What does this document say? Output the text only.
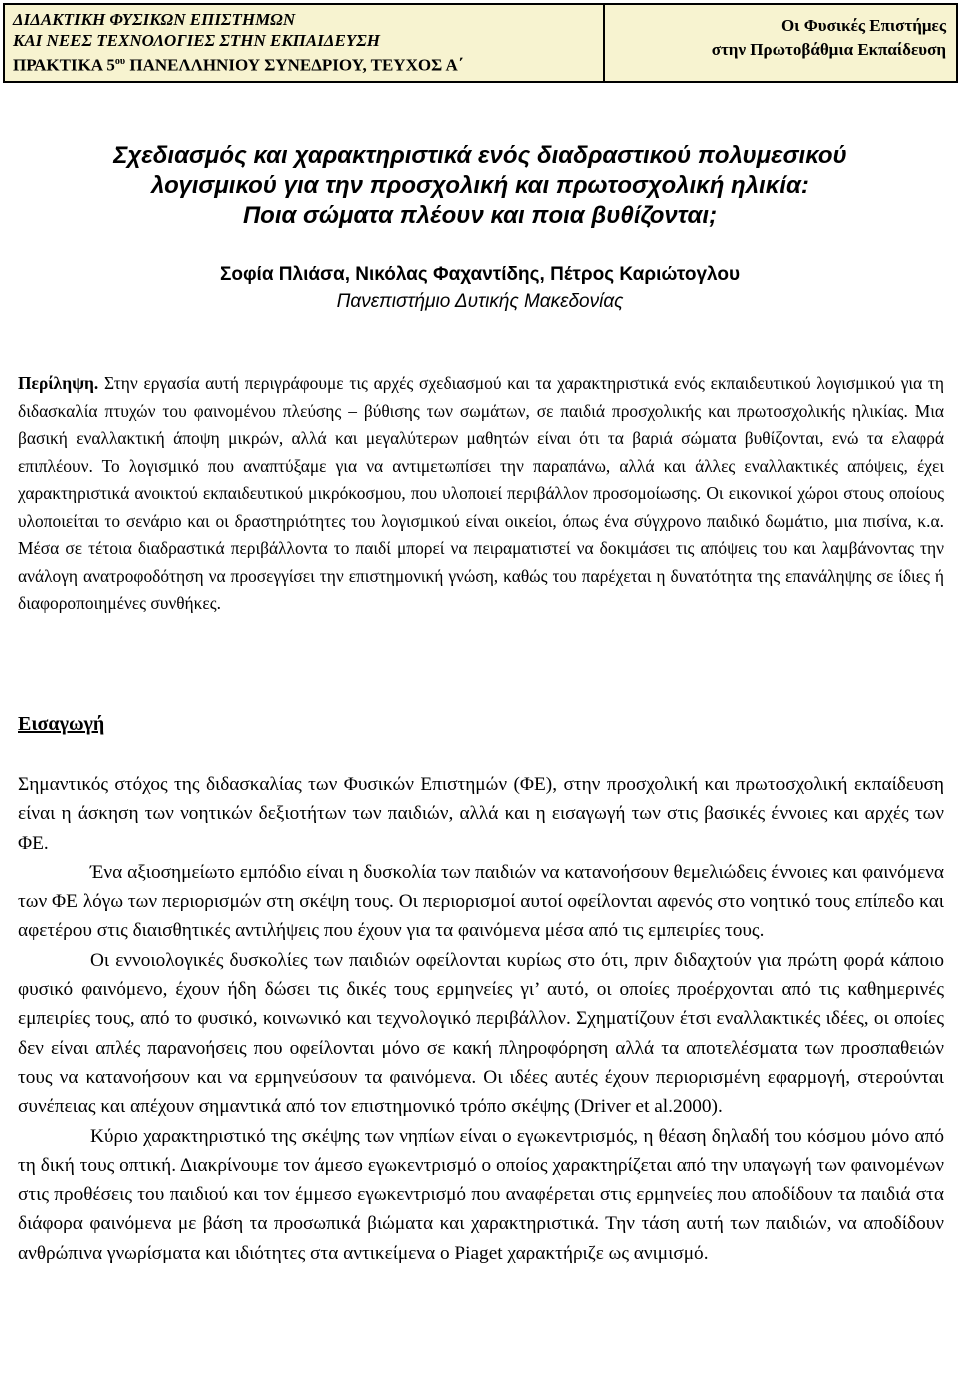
ΔΙΔΑΚΤΙΚΗ ΦΥΣΙΚΩΝ ΕΠΙΣΤΗΜΩΝ
ΚΑΙ ΝΕΕΣ ΤΕΧΝΟΛΟΓΙΕΣ ΣΤΗΝ ΕΚΠΑΙΔΕΥΣΗ
ΠΡΑΚΤΙΚΑ $5^{o\upsilon}$ ΠΑΝΕΛΛΗΝΙΟΥ ΣΥΝΕΔΡΙΟΥ, ΤΕΥΧΟΣ Α΄
Οι Φυσικές Επιστήμες
στην Πρωτοβάθμια Εκπαίδευση
Σχεδιασμός και χαρακτηριστικά ενός διαδραστικού πολυμεσικού
λογισμικού για την προσχολική και πρωτοσχολική ηλικία:
Ποια σώματα πλέουν και ποια βυθίζονται;
Σοφία Πλιάσα, Νικόλας Φαχαντίδης, Πέτρος Καριώτογλου
Πανεπιστήμιο Δυτικής Μακεδονίας
Περίληψη. Στην εργασία αυτή περιγράφουμε τις αρχές σχεδιασμού και τα χαρακτηριστικά ενός εκπαιδευτικού λογισμικού για τη διδασκαλία πτυχών του φαινομένου πλεύσης – βύθισης των σωμάτων, σε παιδιά προσχολικής και πρωτοσχολικής ηλικίας. Μια βασική εναλλακτική άποψη μικρών, αλλά και μεγαλύτερων μαθητών είναι ότι τα βαριά σώματα βυθίζονται, ενώ τα ελαφρά επιπλέουν. Το λογισμικό που αναπτύξαμε για να αντιμετωπίσει την παραπάνω, αλλά και άλλες εναλλακτικές απόψεις, έχει χαρακτηριστικά ανοικτού εκπαιδευτικού μικρόκοσμου, που υλοποιεί περιβάλλον προσομοίωσης. Οι εικονικοί χώροι στους οποίους υλοποιείται το σενάριο και οι δραστηριότητες του λογισμικού είναι οικείοι, όπως ένα σύγχρονο παιδικό δωμάτιο, μια πισίνα, κ.α. Μέσα σε τέτοια διαδραστικά περιβάλλοντα το παιδί μπορεί να πειραματιστεί να δοκιμάσει τις απόψεις του και λαμβάνοντας την ανάλογη ανατροφοδότηση να προσεγγίσει την επιστημονική γνώση, καθώς του παρέχεται η δυνατότητα της επανάληψης σε ίδιες ή διαφοροποιημένες συνθήκες.
Εισαγωγή

Σημαντικός στόχος της διδασκαλίας των Φυσικών Επιστημών (ΦΕ), στην προσχολική και πρωτοσχολική εκπαίδευση είναι η άσκηση των νοητικών δεξιοτήτων των παιδιών, αλλά και η εισαγωγή των στις βασικές έννοιες και αρχές των ΦΕ.

Ένα αξιοσημείωτο εμπόδιο είναι η δυσκολία των παιδιών να κατανοήσουν θεμελιώδεις έννοιες και φαινόμενα των ΦΕ λόγω των περιορισμών στη σκέψη τους. Οι περιορισμοί αυτοί οφείλονται αφενός στο νοητικό τους επίπεδο και αφετέρου στις διαισθητικές αντιλήψεις που έχουν για τα φαινόμενα μέσα από τις εμπειρίες τους.

Οι εννοιολογικές δυσκολίες των παιδιών οφείλονται κυρίως στο ότι, πριν διδαχτούν για πρώτη φορά κάποιο φυσικό φαινόμενο, έχουν ήδη δώσει τις δικές τους ερμηνείες γι’ αυτό, οι οποίες προέρχονται από τις καθημερινές εμπειρίες τους, από το φυσικό, κοινωνικό και τεχνολογικό περιβάλλον. Σχηματίζουν έτσι εναλλακτικές ιδέες, οι οποίες δεν είναι απλές παρανοήσεις που οφείλονται μόνο σε κακή πληροφόρηση αλλά τα αποτελέσματα των προσπαθειών τους να κατανοήσουν και να ερμηνεύσουν τα φαινόμενα. Οι ιδέες αυτές έχουν περιορισμένη εφαρμογή, στερούνται συνέπειας και απέχουν σημαντικά από τον επιστημονικό τρόπο σκέψης (Driver et al.2000).

Κύριο χαρακτηριστικό της σκέψης των νηπίων είναι ο εγωκεντρισμός, η θέαση δηλαδή του κόσμου μόνο από τη δική τους οπτική. Διακρίνουμε τον άμεσο εγωκεντρισμό ο οποίος χαρακτηρίζεται από την υπαγωγή των φαινομένων στις προθέσεις του παιδιού και τον έμμεσο εγωκεντρισμό που αναφέρεται στις ερμηνείες που αποδίδουν τα παιδιά στα διάφορα φαινόμενα με βάση τα προσωπικά βιώματα και χαρακτηριστικά. Την τάση αυτή των παιδιών, να αποδίδουν ανθρώπινα γνωρίσματα και ιδιότητες στα αντικείμενα ο Piaget χαρακτήριζε ως ανιμισμό.
